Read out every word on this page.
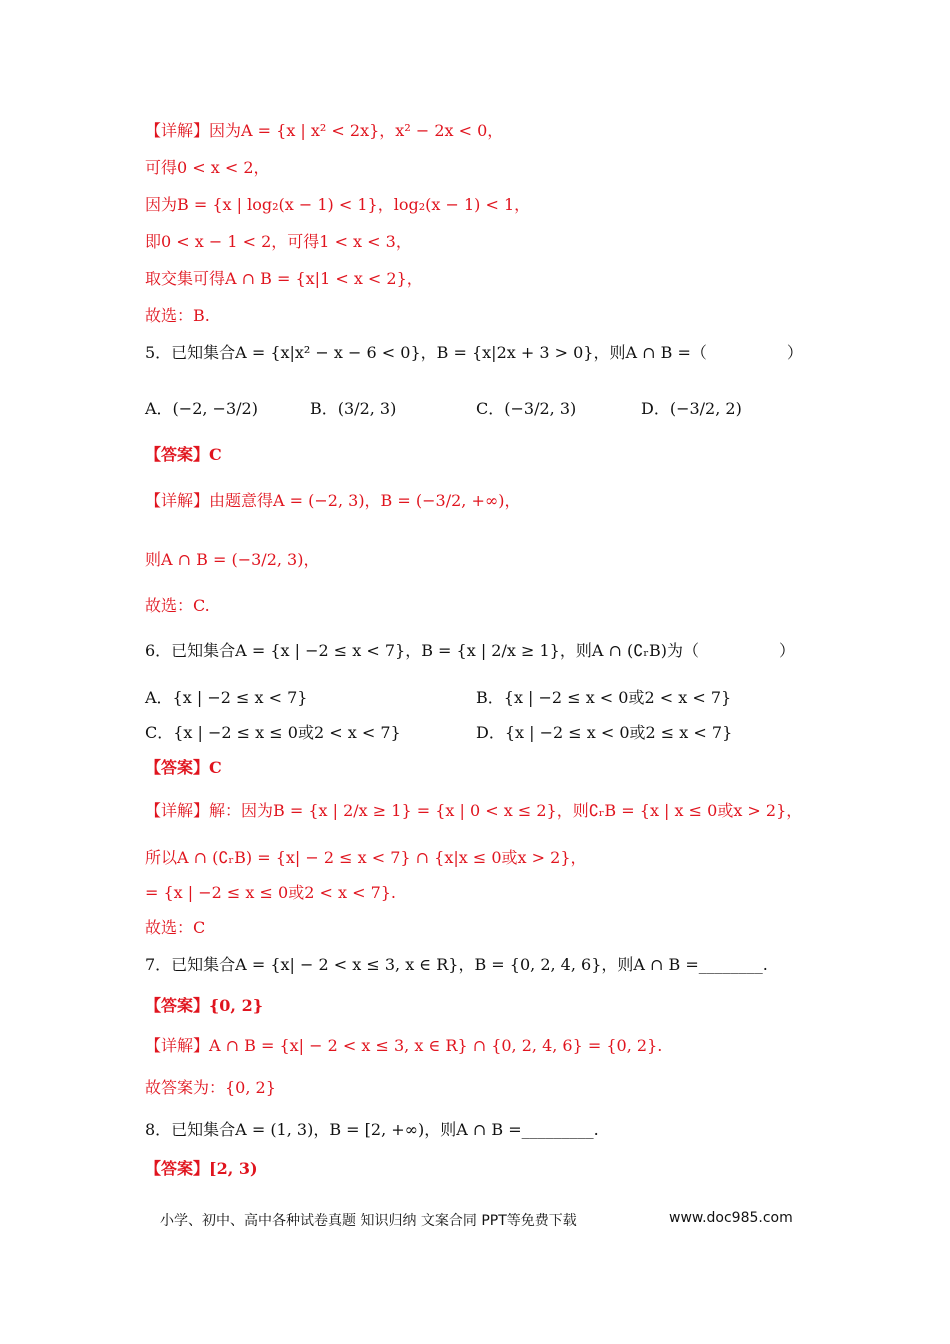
【详解】因为A = {x | x² < 2x}，x² − 2x < 0，
可得0 < x < 2，
因为B = {x | log₂(x − 1) < 1}，log₂(x − 1) < 1，
即0 < x − 1 < 2，可得1 < x < 3，
取交集可得A ∩ B = {x|1 < x < 2}，
故选：B.
5．已知集合A = {x|x² − x − 6 < 0}，B = {x|2x + 3 > 0}，则A ∩ B =（　　　　　）
A．(−2, −3/2)	B．(3/2, 3)	C．(−3/2, 3)	D．(−3/2, 2)
【答案】C
【详解】由题意得A = (−2, 3)，B = (−3/2, +∞)，
则A ∩ B = (−3/2, 3)，
故选：C.
6．已知集合A = {x | −2 ≤ x < 7}，B = {x | 2/x ≥ 1}，则A ∩ (∁ᵣB)为（　　　　　）
A．{x | −2 ≤ x < 7}	B．{x | −2 ≤ x < 0或2 < x < 7}
C．{x | −2 ≤ x ≤ 0或2 < x < 7}	D．{x | −2 ≤ x < 0或2 ≤ x < 7}
【答案】C
【详解】解：因为B = {x | 2/x ≥ 1} = {x | 0 < x ≤ 2}，则∁ᵣB = {x | x ≤ 0或x > 2}，
所以A ∩ (∁ᵣB) = {x| − 2 ≤ x < 7} ∩ {x|x ≤ 0或x > 2}，
= {x | −2 ≤ x ≤ 0或2 < x < 7}.
故选：C
7．已知集合A = {x| − 2 < x ≤ 3, x ∈ R}，B = {0, 2, 4, 6}，则A ∩ B =________.
【答案】{0, 2}
【详解】A ∩ B = {x| − 2 < x ≤ 3, x ∈ R} ∩ {0, 2, 4, 6} = {0, 2}.
故答案为：{0, 2}
8．已知集合A = (1, 3)，B = [2, +∞)，则A ∩ B =_________.
【答案】[2, 3)
小学、初中、高中各种试卷真题 知识归纳 文案合同 PPT等免费下载	www.doc985.com
